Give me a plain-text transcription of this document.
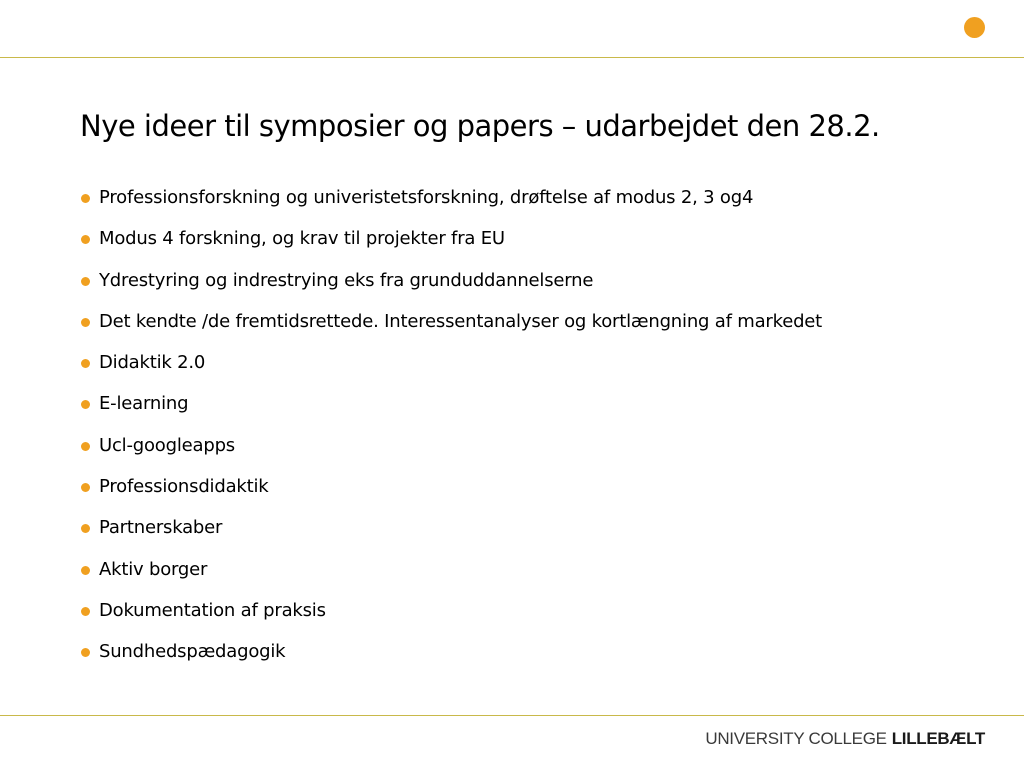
Nye ideer til symposier og papers – udarbejdet den 28.2.
Professionsforskning og univeristetsforskning, drøftelse af modus 2, 3 og4
Modus 4 forskning, og krav til projekter fra EU
Ydrestyring og indrestrying eks fra grunduddannelserne
Det kendte /de fremtidsrettede. Interessentanalyser og kortlængning af markedet
Didaktik 2.0
E-learning
Ucl-googleapps
Professionsdidaktik
Partnerskaber
Aktiv borger
Dokumentation af praksis
Sundhedspædagogik
UNIVERSITY COLLEGE LILLEBÆLT
